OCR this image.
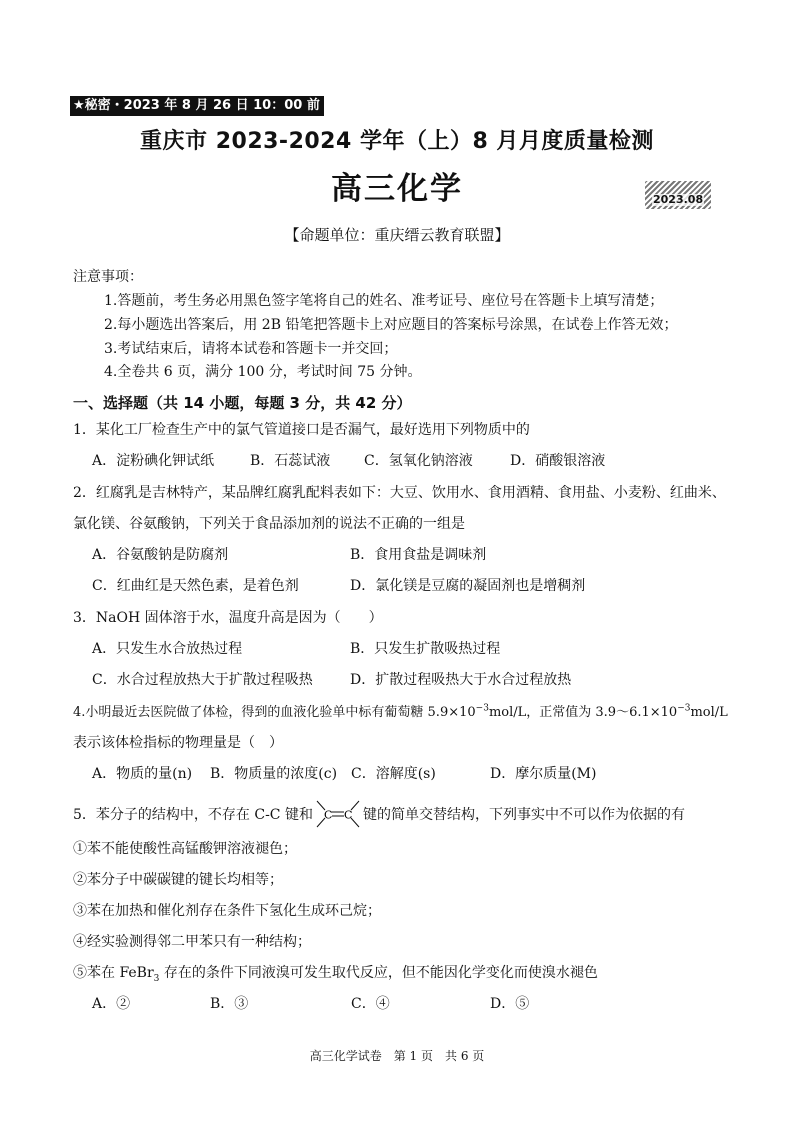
★秘密・2023 年 8 月 26 日 10：00 前
重庆市 2023-2024 学年（上）8 月月度质量检测
高三化学	2023.08
【命题单位：重庆缙云教育联盟】
注意事项：
1.答题前，考生务必用黑色签字笔将自己的姓名、准考证号、座位号在答题卡上填写清楚；
2.每小题选出答案后，用 2B 铅笔把答题卡上对应题目的答案标号涂黑，在试卷上作答无效；
3.考试结束后，请将本试卷和答题卡一并交回；
4.全卷共 6 页，满分 100 分，考试时间 75 分钟。
一、选择题（共 14 小题，每题 3 分，共 42 分）
1．某化工厂检查生产中的氯气管道接口是否漏气，最好选用下列物质中的
A．淀粉碘化钾试纸	B．石蕊试液 C．氢氧化钠溶液	D．硝酸银溶液
2．红腐乳是吉林特产，某品牌红腐乳配料表如下：大豆、饮用水、食用酒精、食用盐、小麦粉、红曲米、
氯化镁、谷氨酸钠，下列关于食品添加剂的说法不正确的一组是
A．谷氨酸钠是防腐剂	B．食用食盐是调味剂
C．红曲红是天然色素，是着色剂	D．氯化镁是豆腐的凝固剂也是增稠剂
3．NaOH 固体溶于水，温度升高是因为（　　）
A．只发生水合放热过程	B．只发生扩散吸热过程
C．水合过程放热大于扩散过程吸热	D．扩散过程吸热大于水合过程放热
4.小明最近去医院做了体检，得到的血液化验单中标有葡萄糖 $5.9\times 10^{-3}mol/L$，正常值为 $3.9\sim 6.1\times 10^{-3}mol/L$
表示该体检指标的物理量是（　）
A．物质的量(n) B．物质量的浓度(c) C．溶解度(s)	D．摩尔质量(M)
5．苯分子的结构中，不存在 C-C 键和 C C 键的简单交替结构，下列事实中不可以作为依据的有
①苯不能使酸性高锰酸钾溶液褪色；
②苯分子中碳碳键的键长均相等；
③苯在加热和催化剂存在条件下氢化生成环己烷；
④经实验测得邻二甲苯只有一种结构；
⑤苯在 FeBr$_3$ 存在的条件下同液溴可发生取代反应，但不能因化学变化而使溴水褪色
A．②	B．③	C．④	D．⑤
高三化学试卷　第 1 页　共 6 页
